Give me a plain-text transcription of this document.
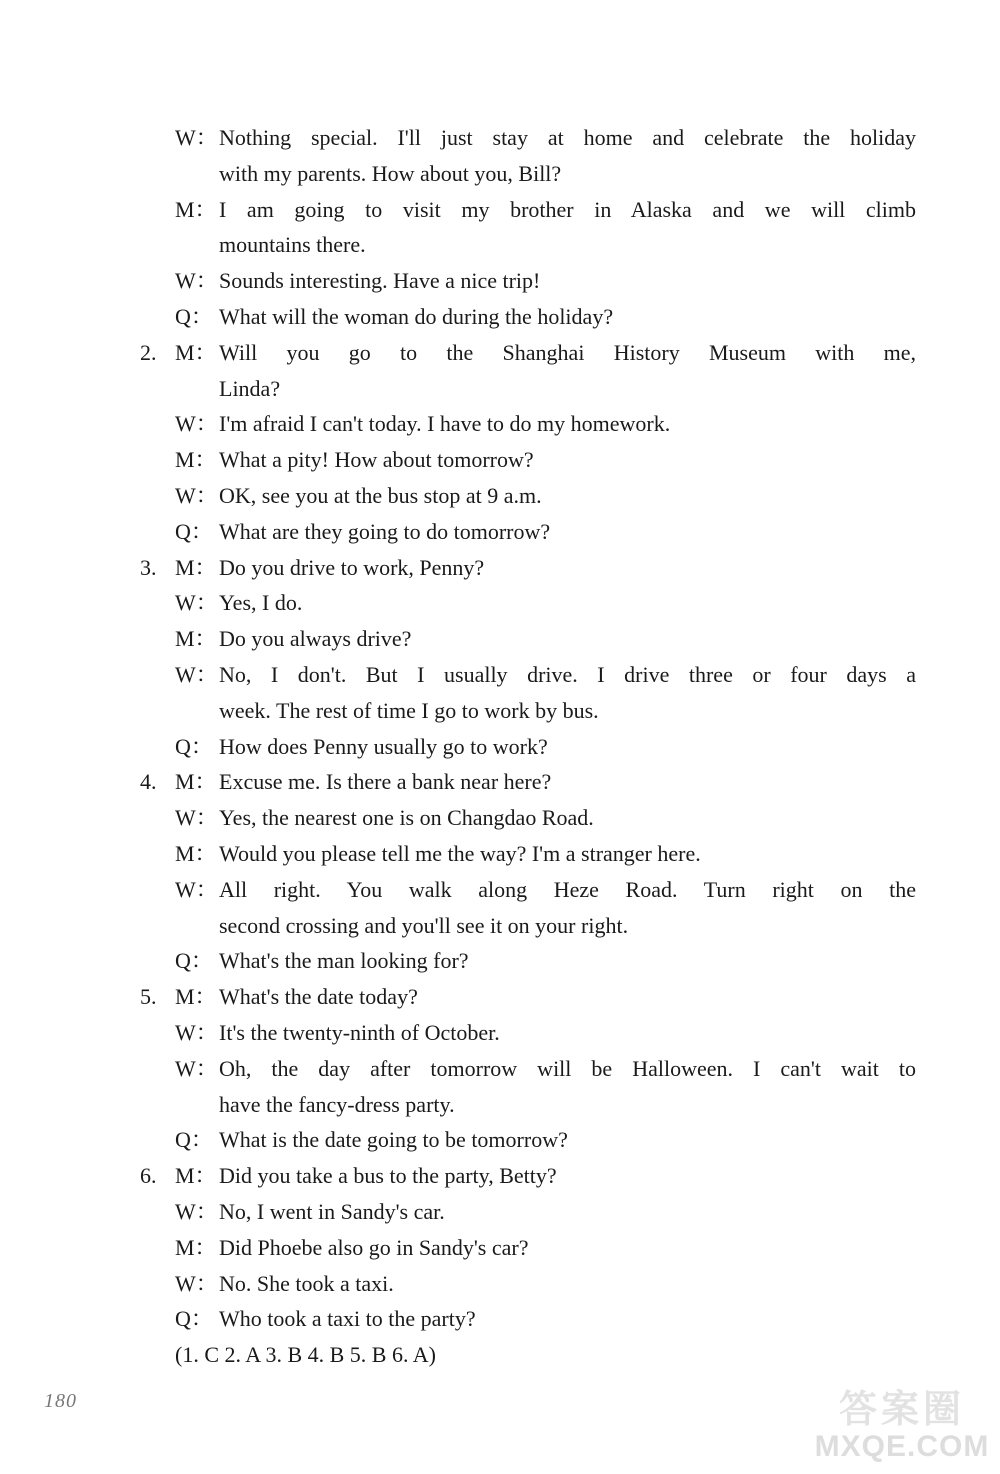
W： Nothing special. I'll just stay at home and celebrate the holiday
with my parents. How about you, Bill?
M： I am going to visit my brother in Alaska and we will climb
mountains there.
W： Sounds interesting. Have a nice trip!
Q： What will the woman do during the holiday?
2. M： Will you go to the Shanghai History Museum with me,
Linda?
W： I'm afraid I can't today. I have to do my homework.
M： What a pity! How about tomorrow?
W： OK, see you at the bus stop at 9 a.m.
Q： What are they going to do tomorrow?
3. M： Do you drive to work, Penny?
W： Yes, I do.
M： Do you always drive?
W： No, I don't. But I usually drive. I drive three or four days a
week. The rest of time I go to work by bus.
Q： How does Penny usually go to work?
4. M： Excuse me. Is there a bank near here?
W： Yes, the nearest one is on Changdao Road.
M： Would you please tell me the way? I'm a stranger here.
W： All right. You walk along Heze Road. Turn right on the
second crossing and you'll see it on your right.
Q： What's the man looking for?
5. M： What's the date today?
W： It's the twenty-ninth of October.
W： Oh, the day after tomorrow will be Halloween. I can't wait to
have the fancy-dress party.
Q： What is the date going to be tomorrow?
6. M： Did you take a bus to the party, Betty?
W： No, I went in Sandy's car.
M： Did Phoebe also go in Sandy's car?
W： No. She took a taxi.
Q： Who took a taxi to the party?
(1. C 2. A 3. B 4. B 5. B 6. A)
180	答案圈
MXQE.COM
